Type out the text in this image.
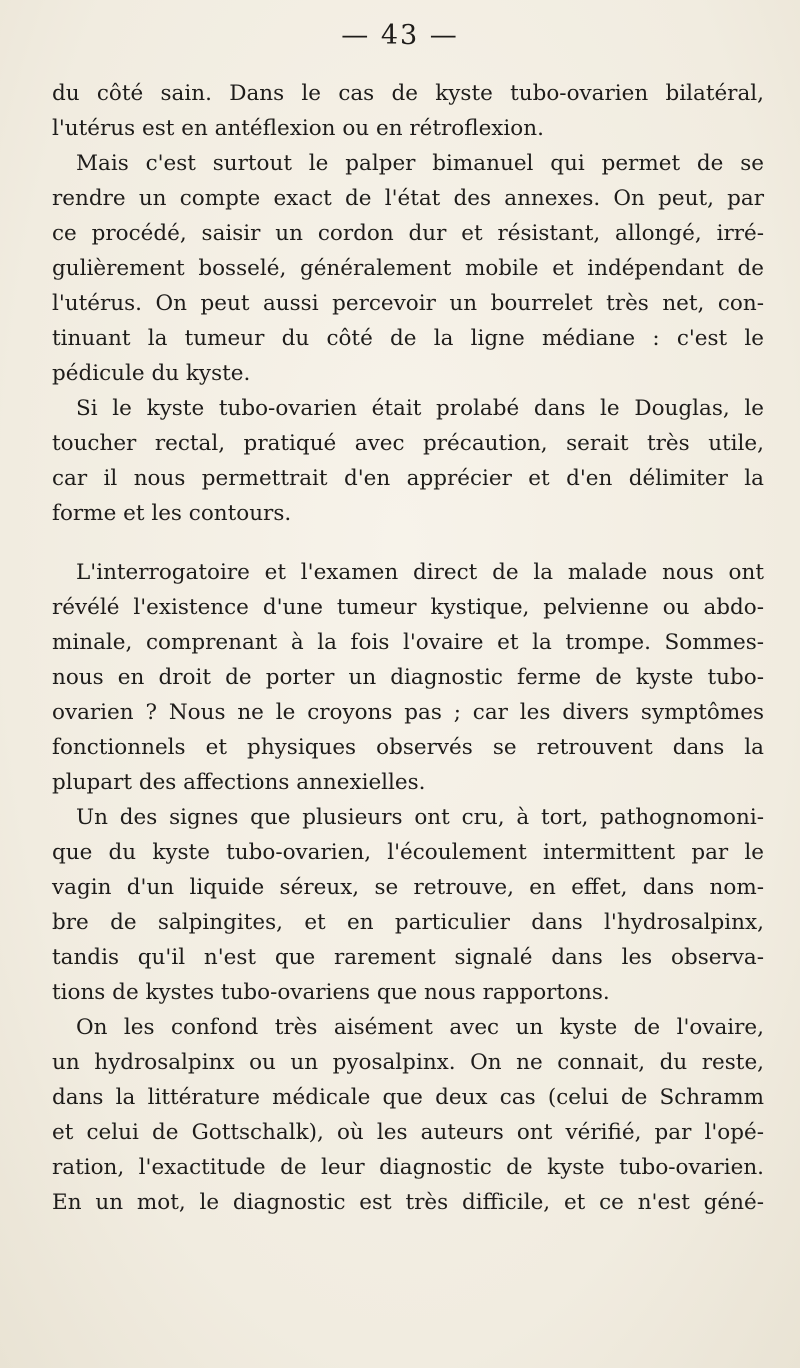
— 43 —
du côté sain. Dans le cas de kyste tubo-ovarien bilatéral,
l'utérus est en antéflexion ou en rétroflexion.
Mais c'est surtout le palper bimanuel qui permet de se
rendre un compte exact de l'état des annexes. On peut, par
ce procédé, saisir un cordon dur et résistant, allongé, irré-
gulièrement bosselé, généralement mobile et indépendant de
l'utérus. On peut aussi percevoir un bourrelet très net, con-
tinuant la tumeur du côté de la ligne médiane : c'est le
pédicule du kyste.
Si le kyste tubo-ovarien était prolabé dans le Douglas, le
toucher rectal, pratiqué avec précaution, serait très utile,
car il nous permettrait d'en apprécier et d'en délimiter la
forme et les contours.
L'interrogatoire et l'examen direct de la malade nous ont
révélé l'existence d'une tumeur kystique, pelvienne ou abdo-
minale, comprenant à la fois l'ovaire et la trompe. Sommes-
nous en droit de porter un diagnostic ferme de kyste tubo-
ovarien ? Nous ne le croyons pas ; car les divers symptômes
fonctionnels et physiques observés se retrouvent dans la
plupart des affections annexielles.
Un des signes que plusieurs ont cru, à tort, pathognomoni-
que du kyste tubo-ovarien, l'écoulement intermittent par le
vagin d'un liquide séreux, se retrouve, en effet, dans nom-
bre de salpingites, et en particulier dans l'hydrosalpinx,
tandis qu'il n'est que rarement signalé dans les observa-
tions de kystes tubo-ovariens que nous rapportons.
On les confond très aisément avec un kyste de l'ovaire,
un hydrosalpinx ou un pyosalpinx. On ne connait, du reste,
dans la littérature médicale que deux cas (celui de Schramm
et celui de Gottschalk), où les auteurs ont vérifié, par l'opé-
ration, l'exactitude de leur diagnostic de kyste tubo-ovarien.
En un mot, le diagnostic est très difficile, et ce n'est géné-
